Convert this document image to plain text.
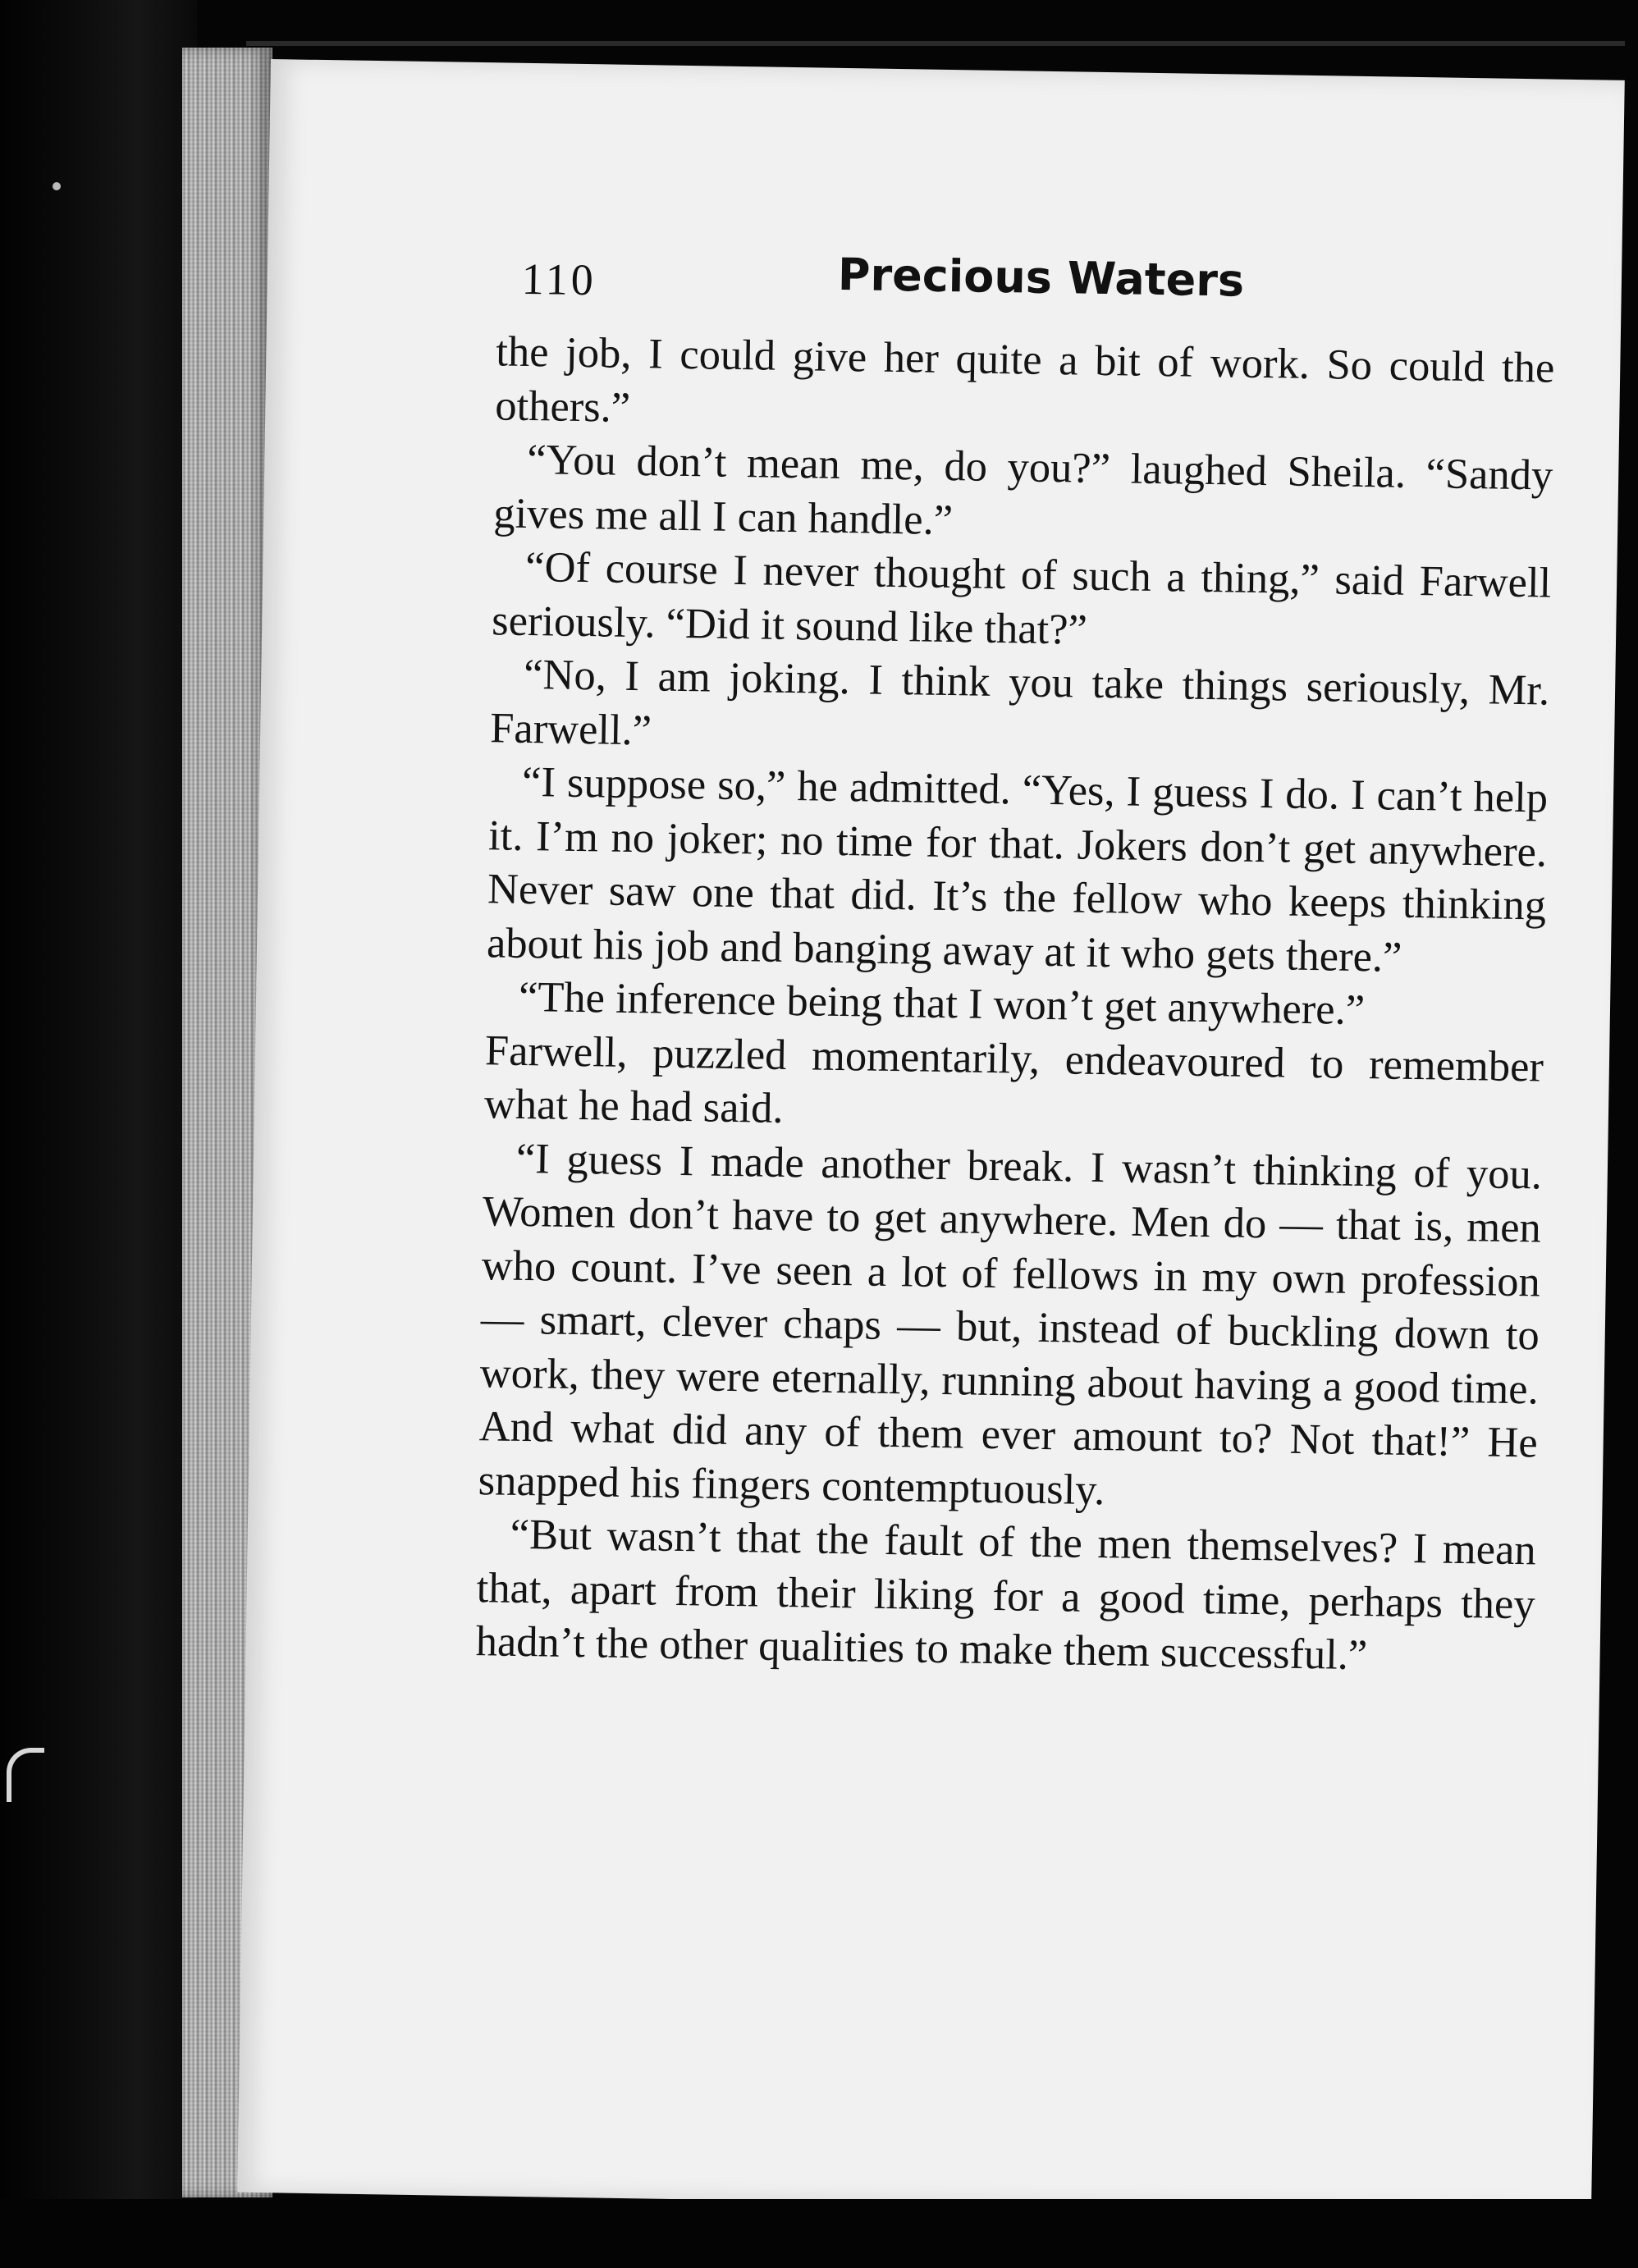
110	Precious Waters

the job, I could give her quite a bit of work. So could the others.”

“You don’t mean me, do you?” laughed Sheila. “Sandy gives me all I can handle.”

“Of course I never thought of such a thing,” said Farwell seriously. “Did it sound like that?”

“No, I am joking. I think you take things seriously, Mr. Farwell.”

“I suppose so,” he admitted. “Yes, I guess I do. I can’t help it. I’m no joker; no time for that. Jokers don’t get anywhere. Never saw one that did. It’s the fellow who keeps thinking about his job and banging away at it who gets there.”

“The inference being that I won’t get anywhere.”

Farwell, puzzled momentarily, endeavoured to remember what he had said.

“I guess I made another break. I wasn’t thinking of you. Women don’t have to get anywhere. Men do — that is, men who count. I’ve seen a lot of fellows in my own profession — smart, clever chaps — but, instead of buckling down to work, they were eternally, running about having a good time. And what did any of them ever amount to? Not that!” He snapped his fingers contemptuously.

“But wasn’t that the fault of the men themselves? I mean that, apart from their liking for a good time, perhaps they hadn’t the other qualities to make them successful.”
